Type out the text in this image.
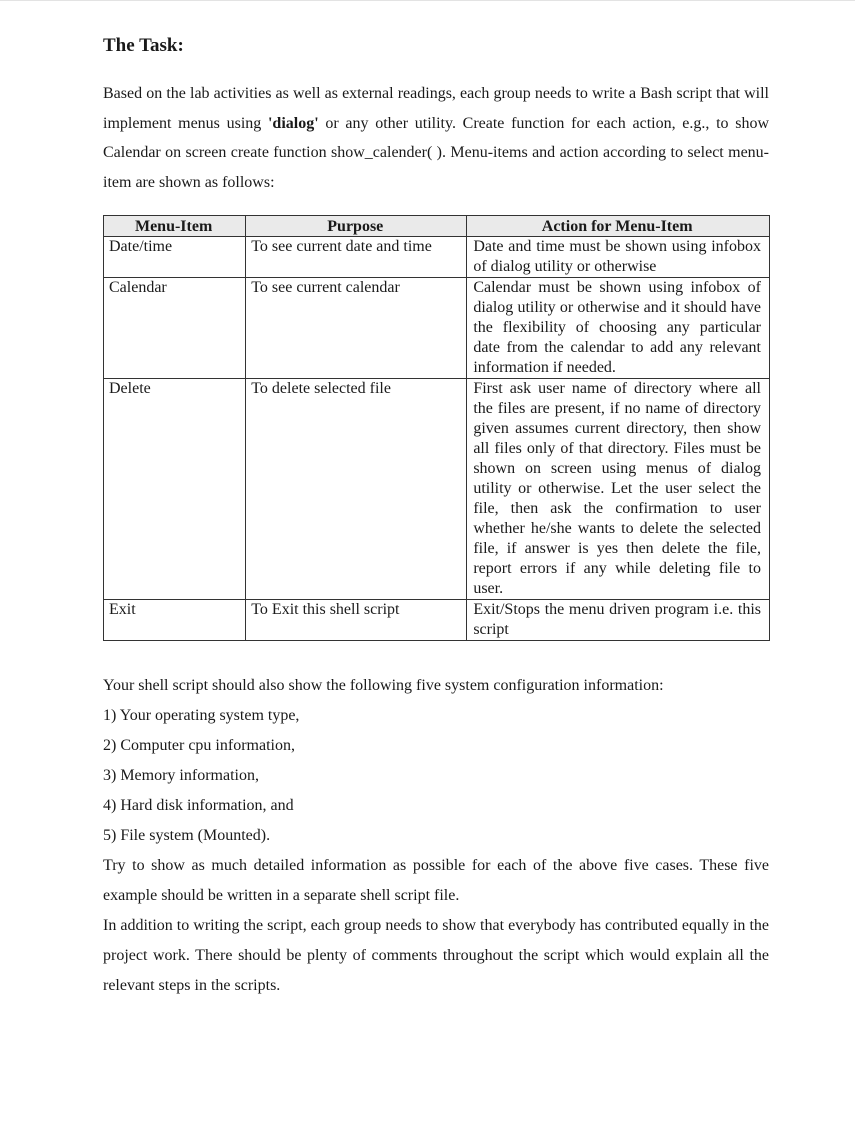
The Task:

Based on the lab activities as well as external readings, each group needs to write a Bash script that will implement menus using 'dialog' or any other utility. Create function for each action, e.g., to show Calendar on screen create function show_calender( ). Menu-items and action according to select menu-item are shown as follows:

Menu-Item	Purpose	Action for Menu-Item
Date/time	To see current date and time	Date and time must be shown using infobox of dialog utility or otherwise
Calendar	To see current calendar	Calendar must be shown using infobox of dialog utility or otherwise and it should have the flexibility of choosing any particular date from the calendar to add any relevant information if needed.
Delete	To delete selected file	First ask user name of directory where all the files are present, if no name of directory given assumes current directory, then show all files only of that directory. Files must be shown on screen using menus of dialog utility or otherwise. Let the user select the file, then ask the confirmation to user whether he/she wants to delete the selected file, if answer is yes then delete the file, report errors if any while deleting file to user.
Exit	To Exit this shell script	Exit/Stops the menu driven program i.e. this script

Your shell script should also show the following five system configuration information:

1) Your operating system type,
2) Computer cpu information,
3) Memory information,
4) Hard disk information, and
5) File system (Mounted).

Try to show as much detailed information as possible for each of the above five cases. These five example should be written in a separate shell script file.

In addition to writing the script, each group needs to show that everybody has contributed equally in the project work. There should be plenty of comments throughout the script which would explain all the relevant steps in the scripts.
